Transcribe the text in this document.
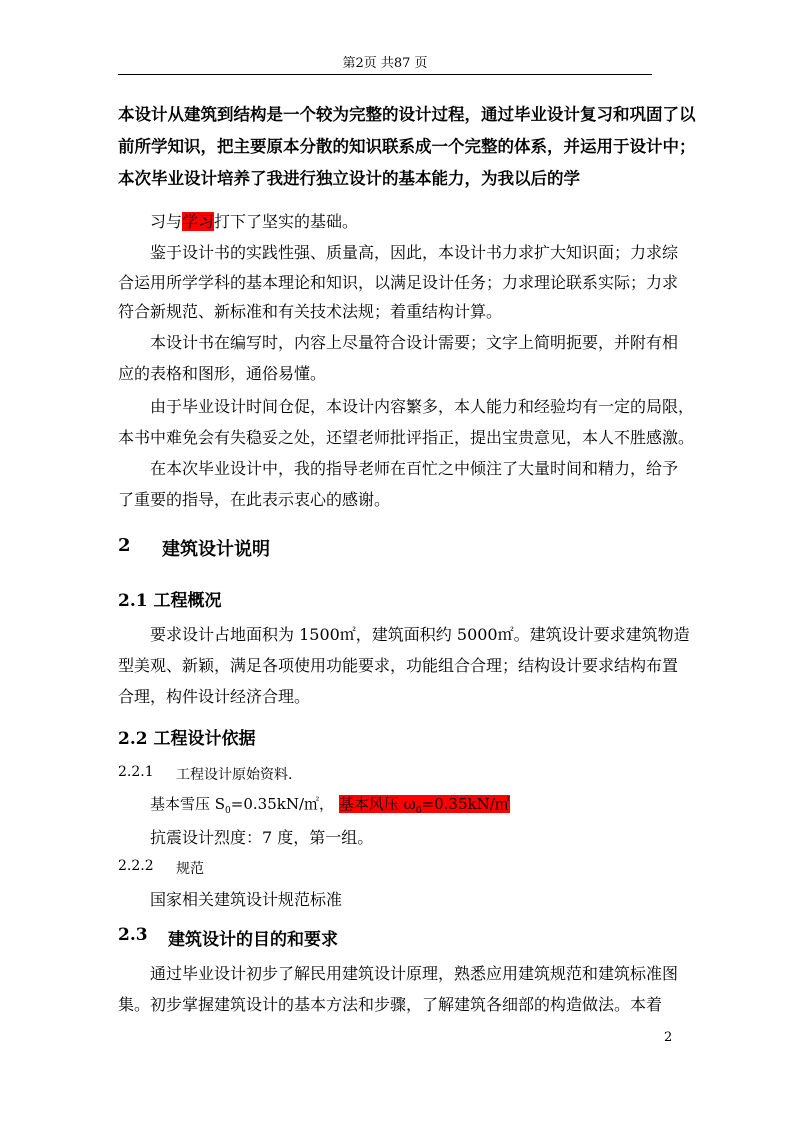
第2页 共87 页
本设计从建筑到结构是一个较为完整的设计过程，通过毕业设计复习和巩固了以
前所学知识，把主要原本分散的知识联系成一个完整的体系，并运用于设计中；
本次毕业设计培养了我进行独立设计的基本能力，为我以后的学
习与学习打下了坚实的基础。
鉴于设计书的实践性强、质量高，因此，本设计书力求扩大知识面；力求综
合运用所学学科的基本理论和知识，以满足设计任务；力求理论联系实际；力求
符合新规范、新标准和有关技术法规；着重结构计算。
本设计书在编写时，内容上尽量符合设计需要；文字上简明扼要，并附有相
应的表格和图形，通俗易懂。
由于毕业设计时间仓促，本设计内容繁多，本人能力和经验均有一定的局限，
本书中难免会有失稳妥之处，还望老师批评指正，提出宝贵意见，本人不胜感激。
在本次毕业设计中，我的指导老师在百忙之中倾注了大量时间和精力，给予
了重要的指导，在此表示衷心的感谢。
2 建筑设计说明
2.1 工程概况
要求设计占地面积为 1500㎡，建筑面积约 5000㎡。建筑设计要求建筑物造
型美观、新颖，满足各项使用功能要求，功能组合合理；结构设计要求结构布置
合理，构件设计经济合理。
2.2 工程设计依据
2.2.1 工程设计原始资料.
基本雪压 $S_0=0.35kN/㎡$， 基本风压 $\omega_0=0.35kN/㎡$
抗震设计烈度：7 度，第一组。
2.2.2 规范
国家相关建筑设计规范标准
2.3 建筑设计的目的和要求
通过毕业设计初步了解民用建筑设计原理，熟悉应用建筑规范和建筑标准图
集。初步掌握建筑设计的基本方法和步骤，了解建筑各细部的构造做法。本着
2
